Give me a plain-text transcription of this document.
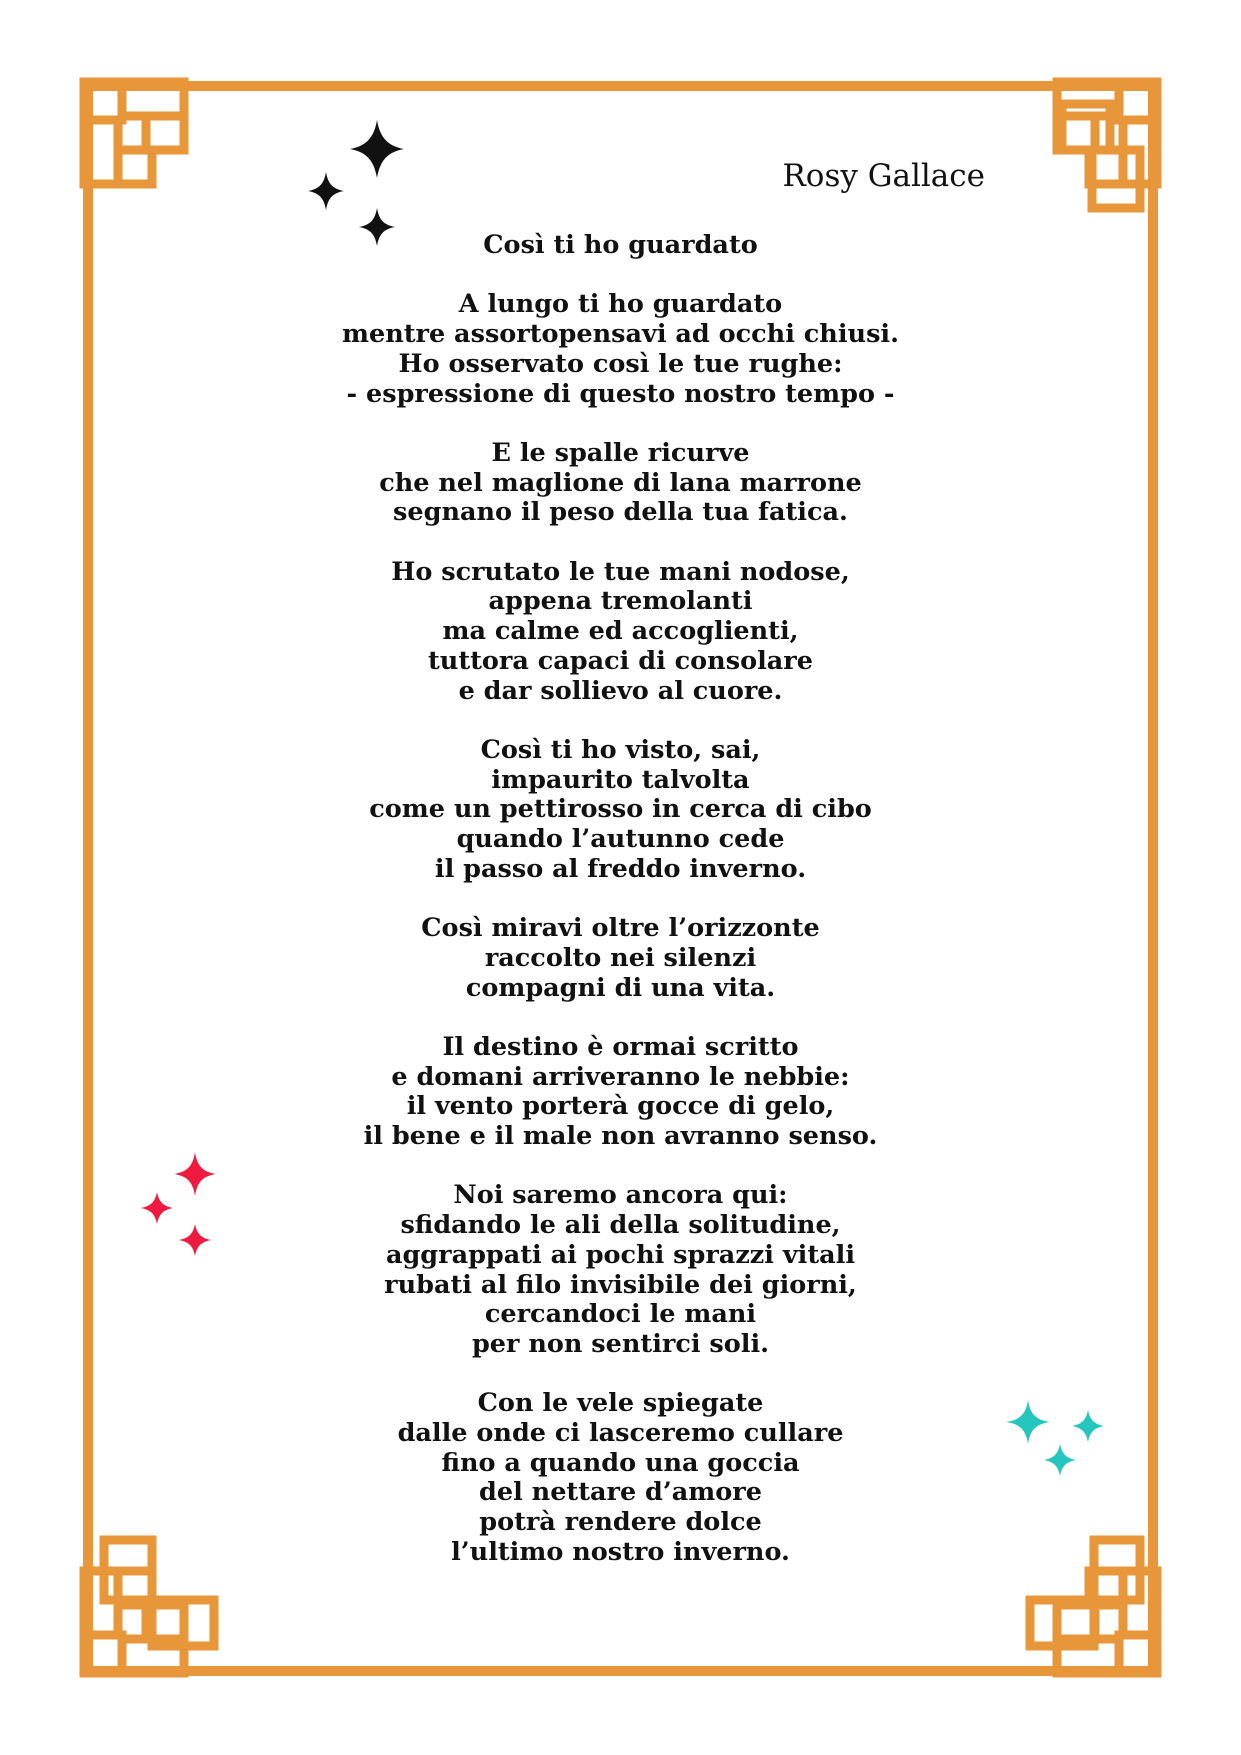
Rosy Gallace
Così ti ho guardato
A lungo ti ho guardato
mentre assortopensavi ad occhi chiusi.
Ho osservato così le tue rughe:
- espressione di questo nostro tempo -
E le spalle ricurve
che nel maglione di lana marrone
segnano il peso della tua fatica.
Ho scrutato le tue mani nodose,
appena tremolanti
ma calme ed accoglienti,
tuttora capaci di consolare
e dar sollievo al cuore.
Così ti ho visto, sai,
impaurito talvolta
come un pettirosso in cerca di cibo
quando l’autunno cede
il passo al freddo inverno.
Così miravi oltre l’orizzonte
raccolto nei silenzi
compagni di una vita.
Il destino è ormai scritto
e domani arriveranno le nebbie:
il vento porterà gocce di gelo,
il bene e il male non avranno senso.
Noi saremo ancora qui:
sfidando le ali della solitudine,
aggrappati ai pochi sprazzi vitali
rubati al filo invisibile dei giorni,
cercandoci le mani
per non sentirci soli.
Con le vele spiegate
dalle onde ci lasceremo cullare
fino a quando una goccia
del nettare d’amore
potrà rendere dolce
l’ultimo nostro inverno.
